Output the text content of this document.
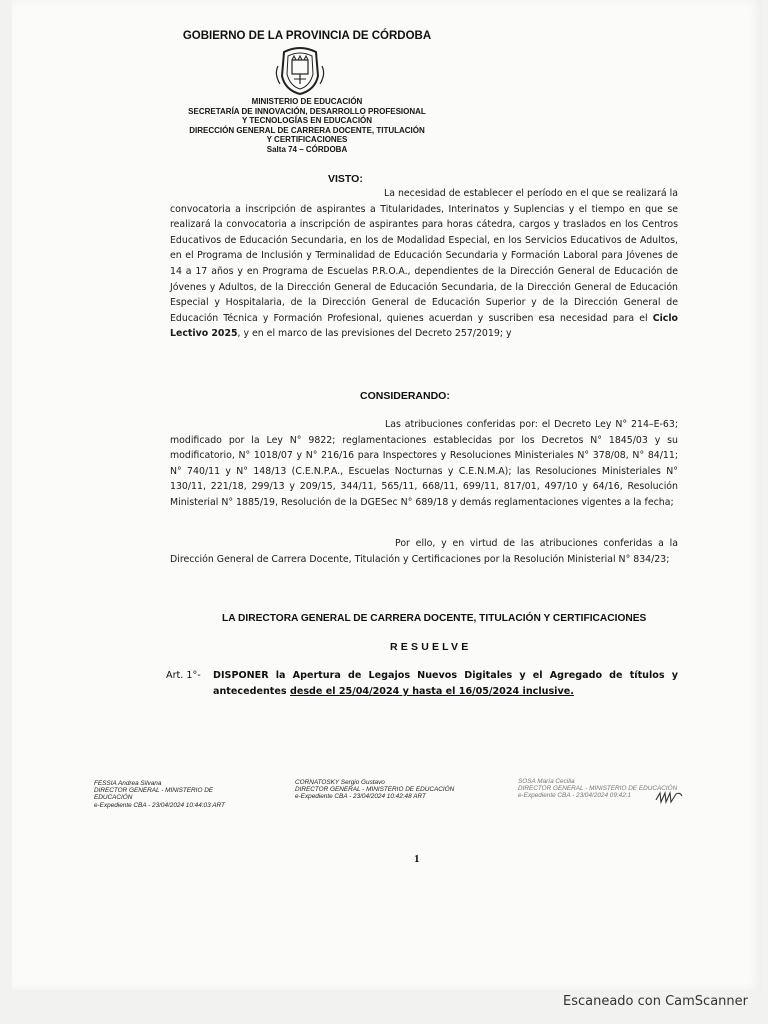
GOBIERNO DE LA PROVINCIA DE CÓRDOBA
MINISTERIO DE EDUCACIÓN
SECRETARÍA DE INNOVACIÓN, DESARROLLO PROFESIONAL
Y TECNOLOGÍAS EN EDUCACIÓN
DIRECCIÓN GENERAL DE CARRERA DOCENTE, TITULACIÓN
Y CERTIFICACIONES
Salta 74 – CÓRDOBA
VISTO:
La necesidad de establecer el período en el que se realizará la convocatoria a inscripción de aspirantes a Titularidades, Interinatos y Suplencias y el tiempo en que se realizará la convocatoria a inscripción de aspirantes para horas cátedra, cargos y traslados en los Centros Educativos de Educación Secundaria, en los de Modalidad Especial, en los Servicios Educativos de Adultos, en el Programa de Inclusión y Terminalidad de Educación Secundaria y Formación Laboral para Jóvenes de 14 a 17 años y en Programa de Escuelas P.R.O.A., dependientes de la Dirección General de Educación de Jóvenes y Adultos, de la Dirección General de Educación Secundaria, de la Dirección General de Educación Especial y Hospitalaria, de la Dirección General de Educación Superior y de la Dirección General de Educación Técnica y Formación Profesional, quienes acuerdan y suscriben esa necesidad para el Ciclo Lectivo 2025, y en el marco de las previsiones del Decreto 257/2019; y
CONSIDERANDO:
Las atribuciones conferidas por: el Decreto Ley N° 214–E-63; modificado por la Ley N° 9822; reglamentaciones establecidas por los Decretos N° 1845/03 y su modificatorio, N° 1018/07 y N° 216/16 para Inspectores y Resoluciones Ministeriales N° 378/08, N° 84/11; N° 740/11 y N° 148/13 (C.E.N.P.A., Escuelas Nocturnas y C.E.N.M.A); las Resoluciones Ministeriales N° 130/11, 221/18, 299/13 y 209/15, 344/11, 565/11, 668/11, 699/11, 817/01, 497/10 y 64/16, Resolución Ministerial N° 1885/19, Resolución de la DGESec N° 689/18 y demás reglamentaciones vigentes a la fecha;
Por ello, y en virtud de las atribuciones conferidas a la Dirección General de Carrera Docente, Titulación y Certificaciones por la Resolución Ministerial N° 834/23;
LA DIRECTORA GENERAL DE CARRERA DOCENTE, TITULACIÓN Y CERTIFICACIONES
RESUELVE
Art. 1°- DISPONER la Apertura de Legajos Nuevos Digitales y el Agregado de títulos y antecedentes desde el 25/04/2024 y hasta el 16/05/2024 inclusive.
FESSIA Andrea Silvana
DIRECTOR GENERAL - MINISTERIO DE
EDUCACIÓN
e-Expediente CBA - 23/04/2024 10:44:03 ART
CORNATOSKY Sergio Gustavo
DIRECTOR GENERAL - MINISTERIO DE EDUCACIÓN
e-Expediente CBA - 23/04/2024 10:42:48 ART
SOSA María Cecilia
DIRECTOR GENERAL - MINISTERIO DE EDUCACIÓN
e-Expediente CBA - 23/04/2024 09:42:1
1
Escaneado con CamScanner
